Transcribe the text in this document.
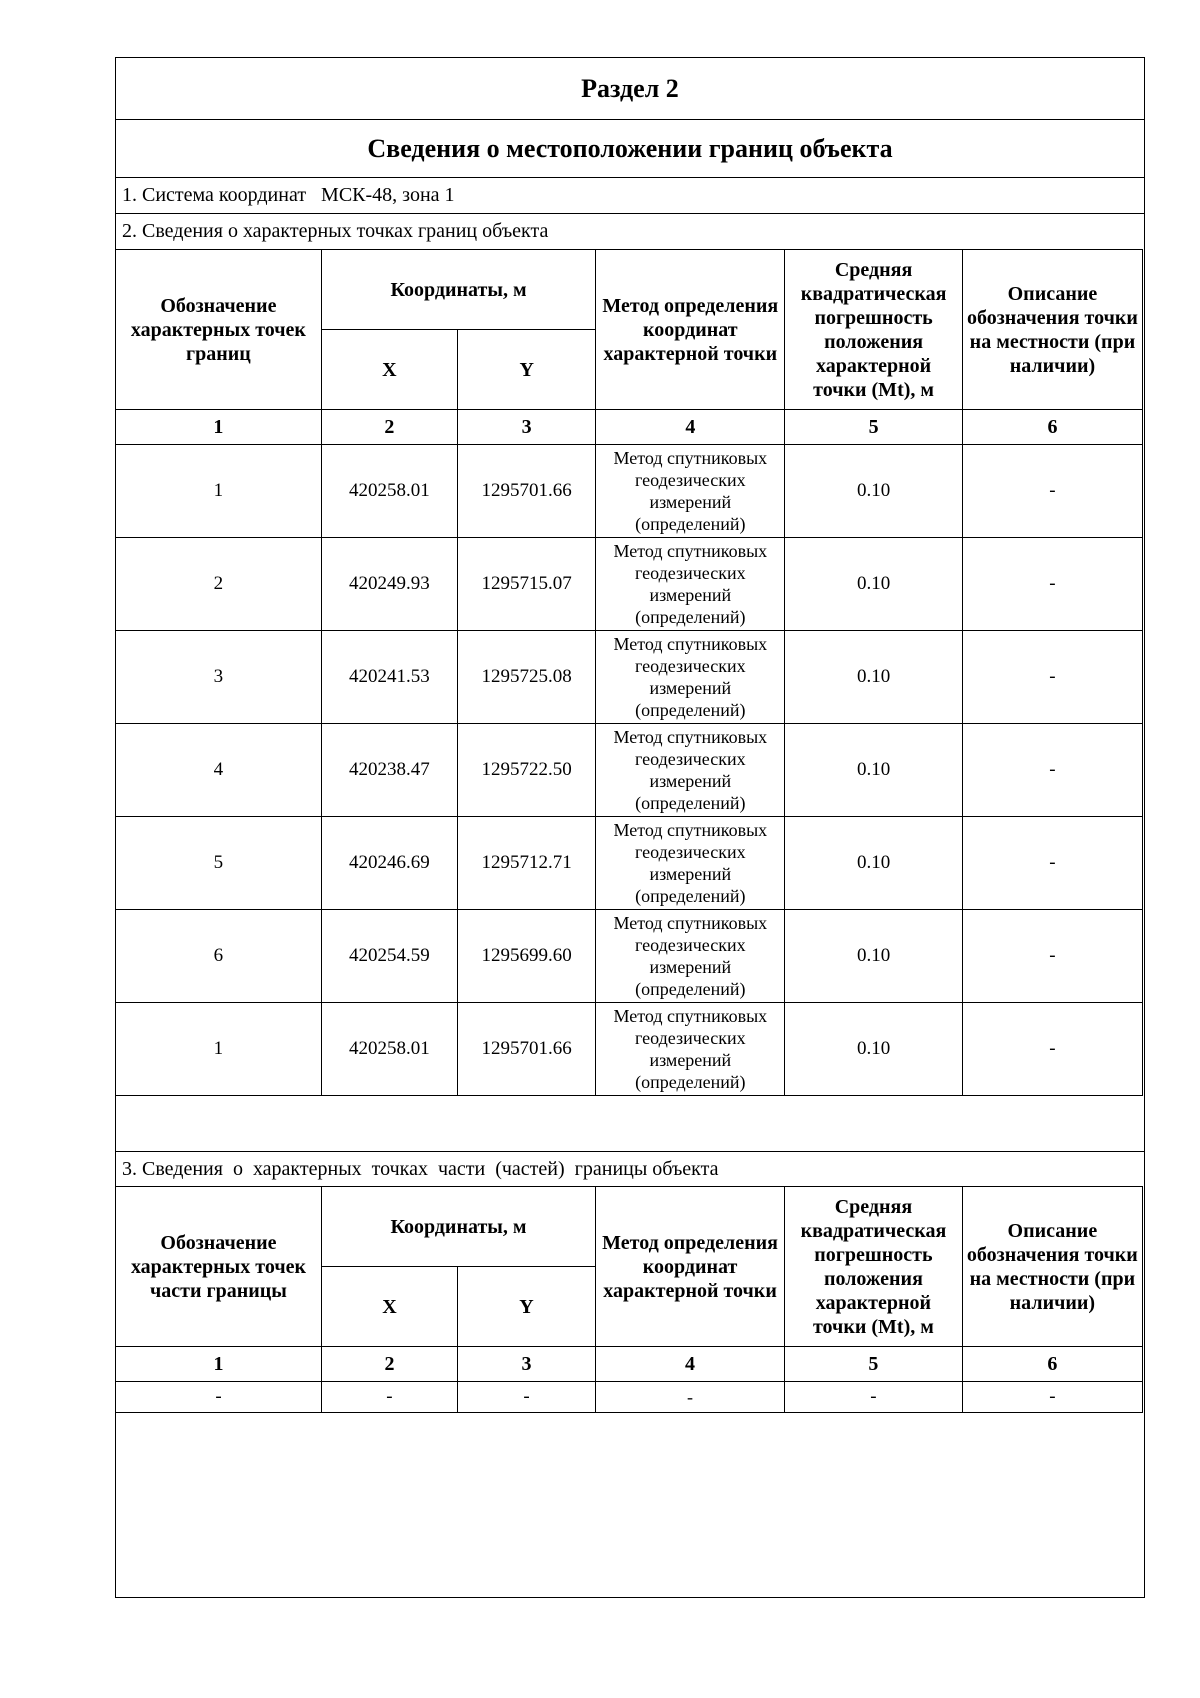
Раздел 2
Сведения о местоположении границ объекта
1. Система координат   МСК-48, зона 1
2. Сведения о характерных точках границ объекта
Обозначение характерных точек границ	Координаты, м		Метод определения координат характерной точки	Средняя квадратическая погрешность положения характерной точки (Mt), м	Описание обозначения точки на местности (при наличии)
	X	Y			
1	2	3	4	5	6
1	420258.01	1295701.66	Метод спутниковых геодезических измерений (определений)	0.10	-
2	420249.93	1295715.07	Метод спутниковых геодезических измерений (определений)	0.10	-
3	420241.53	1295725.08	Метод спутниковых геодезических измерений (определений)	0.10	-
4	420238.47	1295722.50	Метод спутниковых геодезических измерений (определений)	0.10	-
5	420246.69	1295712.71	Метод спутниковых геодезических измерений (определений)	0.10	-
6	420254.59	1295699.60	Метод спутниковых геодезических измерений (определений)	0.10	-
1	420258.01	1295701.66	Метод спутниковых геодезических измерений (определений)	0.10	-
3. Сведения  о  характерных  точках  части  (частей)  границы объекта
Обозначение характерных точек части границы	Координаты, м		Метод определения координат характерной точки	Средняя квадратическая погрешность положения характерной точки (Mt), м	Описание обозначения точки на местности (при наличии)
	X	Y			
1	2	3	4	5	6
-	-	-	-	-	-
